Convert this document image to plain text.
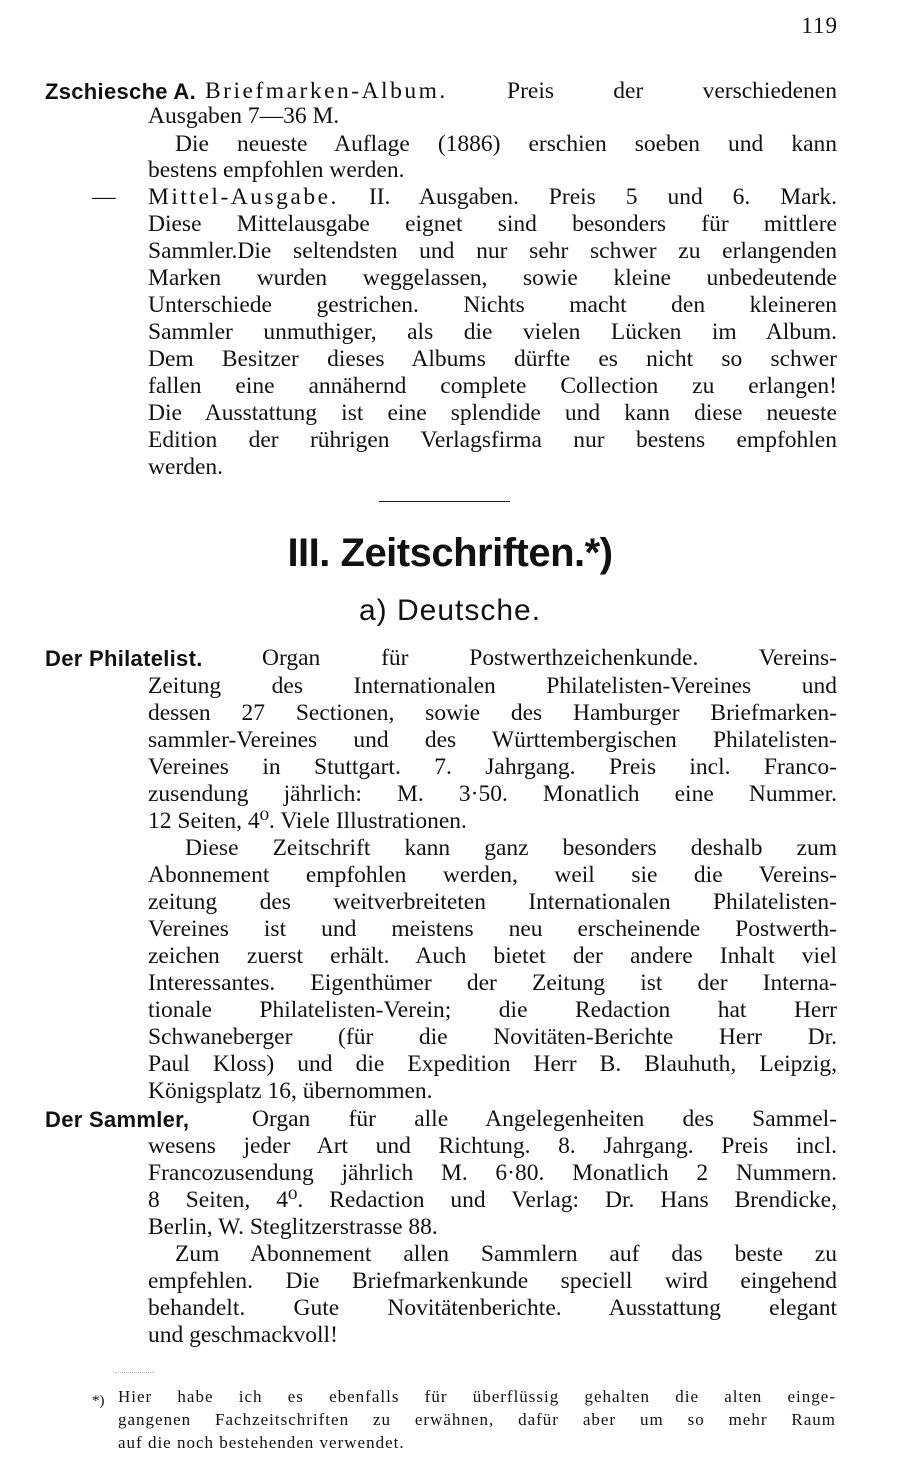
119
Zschiesche A. Briefmarken-Album. Preis der verschiedenen
Ausgaben 7—36 M.
Die neueste Auflage (1886) erschien soeben und kann
bestens empfohlen werden.
— Mittel-Ausgabe. II. Ausgaben. Preis 5 und 6. Mark.
Diese Mittelausgabe eignet sind besonders für mittlere
Sammler.Die seltendsten und nur sehr schwer zu erlangenden
Marken wurden weggelassen, sowie kleine unbedeutende
Unterschiede gestrichen. Nichts macht den kleineren
Sammler unmuthiger, als die vielen Lücken im Album.
Dem Besitzer dieses Albums dürfte es nicht so schwer
fallen eine annähernd complete Collection zu erlangen!
Die Ausstattung ist eine splendide und kann diese neueste
Edition der rührigen Verlagsfirma nur bestens empfohlen
werden.
III. Zeitschriften.*)
a) Deutsche.
Der Philatelist.	Organ für Postwerthzeichenkunde. Vereins-
Zeitung des Internationalen Philatelisten-Vereines und
dessen 27 Sectionen, sowie des Hamburger Briefmarken-
sammler-Vereines und des Württembergischen Philatelisten-
Vereines in Stuttgart. 7. Jahrgang. Preis incl. Franco-
zusendung jährlich: M. 3·50. Monatlich eine Nummer.
12 Seiten, 4⁰. Viele Illustrationen.
Diese Zeitschrift kann ganz besonders deshalb zum
Abonnement empfohlen werden, weil sie die Vereins-
zeitung des weitverbreiteten Internationalen Philatelisten-
Vereines ist und meistens neu erscheinende Postwerth-
zeichen zuerst erhält. Auch bietet der andere Inhalt viel
Interessantes. Eigenthümer der Zeitung ist der Interna-
tionale Philatelisten-Verein; die Redaction hat Herr
Schwaneberger (für die Novitäten-Berichte Herr Dr.
Paul Kloss) und die Expedition Herr B. Blauhuth, Leipzig,
Königsplatz 16, übernommen.
Der Sammler,	Organ für alle Angelegenheiten des Sammel-
wesens jeder Art und Richtung. 8. Jahrgang. Preis incl.
Francozusendung jährlich M. 6·80. Monatlich 2 Nummern.
8 Seiten, 4⁰. Redaction und Verlag: Dr. Hans Brendicke,
Berlin, W. Steglitzerstrasse 88.
Zum Abonnement allen Sammlern auf das beste zu
empfehlen. Die Briefmarkenkunde speciell wird eingehend
behandelt. Gute Novitätenberichte. Ausstattung elegant
und geschmackvoll!
*) Hier habe ich es ebenfalls für überflüssig gehalten die alten einge-
gangenen Fachzeitschriften zu erwähnen, dafür aber um so mehr Raum
auf die noch bestehenden verwendet.
